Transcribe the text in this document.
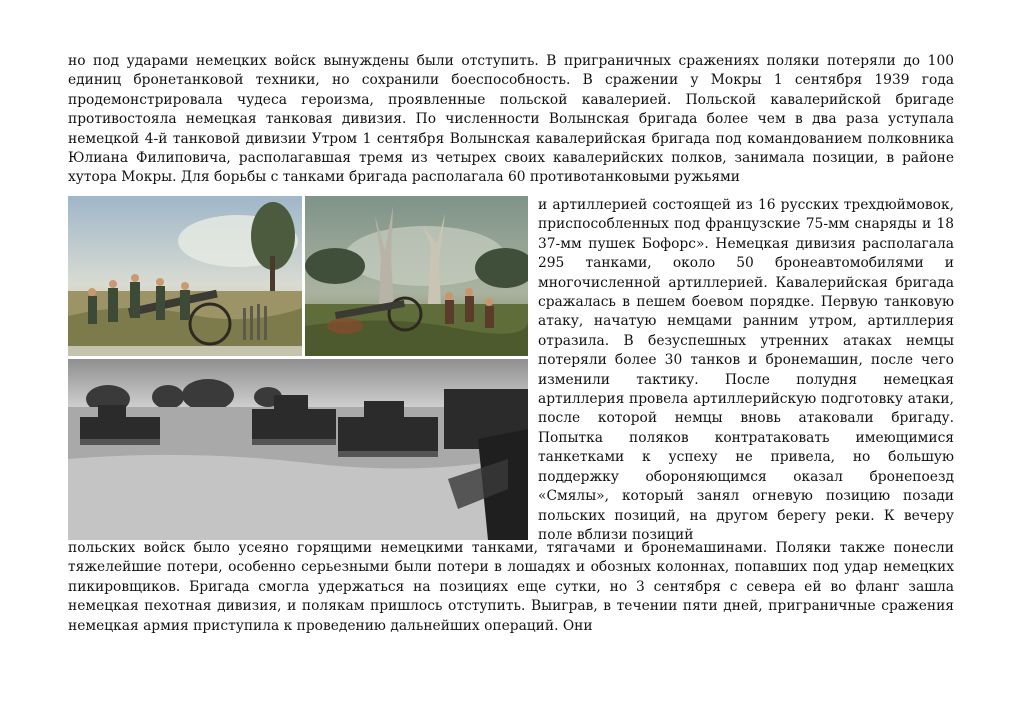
но под ударами немецких войск вынуждены были отступить. В приграничных сражениях поляки потеряли до 100 единиц бронетанковой техники, но сохранили боеспособность. В сражении у Мокры 1 сентября 1939 года продемонстрировала чудеса героизма, проявленные польской кавалерией. Польской кавалерийской бригаде противостояла немецкая танковая дивизия. По численности Волынская бригада более чем в два раза уступала немецкой 4-й танковой дивизии Утром 1 сентября Волынская кавалерийская бригада под командованием полковника Юлиана Филиповича, располагавшая тремя из четырех своих кавалерийских полков, занимала позиции, в районе хутора Мокры. Для борьбы с танками бригада располагала 60 противотанковыми ружьями

и артиллерией состоящей из 16 русских трехдюймовок, приспособленных под французские 75-мм снаряды и 18 37-мм пушек Бофорс». Немецкая дивизия располагала 295 танками, около 50 бронеавтомобилями и многочисленной артиллерией. Кавалерийская бригада сражалась в пешем боевом порядке. Первую танковую атаку, начатую немцами ранним утром, артиллерия отразила. В безуспешных утренних атаках немцы потеряли более 30 танков и бронемашин, после чего изменили тактику. После полудня немецкая артиллерия провела артиллерийскую подготовку атаки, после которой немцы вновь атаковали бригаду. Попытка поляков контратаковать имеющимися танкетками к успеху не привела, но большую поддержку обороняющимся оказал бронепоезд «Смялы», который занял огневую позицию позади польских позиций, на другом берегу реки. К вечеру поле вблизи позиций

польских войск было усеяно горящими немецкими танками, тягачами и бронемашинами. Поляки также понесли тяжелейшие потери, особенно серьезными были потери в лошадях и обозных колоннах, попавших под удар немецких пикировщиков. Бригада смогла удержаться на позициях еще сутки, но 3 сентября с севера ей во фланг зашла немецкая пехотная дивизия, и полякам пришлось отступить. Выиграв, в течении пяти дней, приграничные сражения немецкая армия приступила к проведению дальнейших операций. Они
